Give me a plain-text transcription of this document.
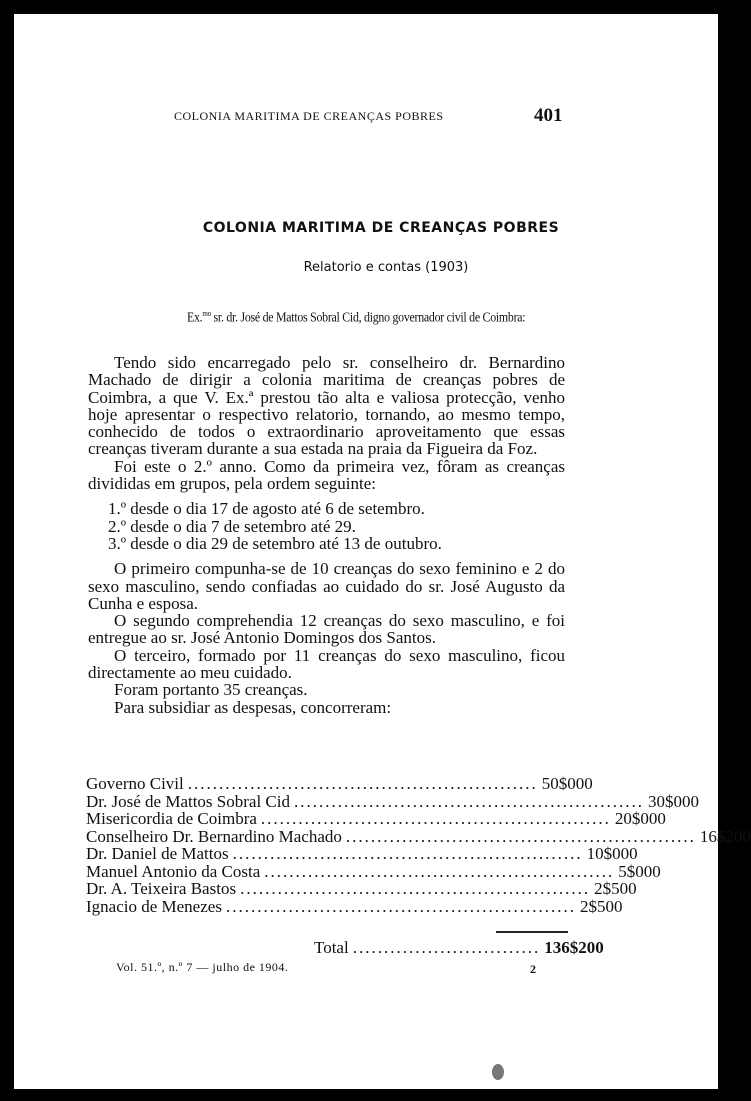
COLONIA MARITIMA DE CREANÇAS POBRES	401
COLONIA MARITIMA DE CREANÇAS POBRES
Relatorio e contas (1903)
Ex.$^{mo}$ sr. dr. José de Mattos Sobral Cid, digno governador civil de Coimbra:

Tendo sido encarregado pelo sr. conselheiro dr. Bernardino Machado de dirigir a colonia maritima de creanças pobres de Coimbra, a que V. Ex.ª prestou tão alta e valiosa protecção, venho hoje apresentar o respectivo relatorio, tornando, ao mesmo tempo, conhecido de todos o extraordinario aproveitamento que essas creanças tiveram durante a sua estada na praia da Figueira da Foz.

Foi este o 2.º anno. Como da primeira vez, fôram as creanças divididas em grupos, pela ordem seguinte:

1.º desde o dia 17 de agosto até 6 de setembro.
2.º desde o dia 7 de setembro até 29.
3.º desde o dia 29 de setembro até 13 de outubro.

O primeiro compunha-se de 10 creanças do sexo feminino e 2 do sexo masculino, sendo confiadas ao cuidado do sr. José Augusto da Cunha e esposa.

O segundo comprehendia 12 creanças do sexo masculino, e foi entregue ao sr. José Antonio Domingos dos Santos.

O terceiro, formado por 11 creanças do sexo masculino, ficou directamente ao meu cuidado.

Foram portanto 35 creanças.

Para subsidiar as despesas, concorreram:

Governo Civil ........................................................ 50$000
Dr. José de Mattos Sobral Cid ........................................................ 30$000
Misericordia de Coimbra ........................................................ 20$000
Conselheiro Dr. Bernardino Machado ........................................................ 16$200
Dr. Daniel de Mattos ........................................................ 10$000
Manuel Antonio da Costa ........................................................ 5$000
Dr. A. Teixeira Bastos ........................................................ 2$500
Ignacio de Menezes ........................................................ 2$500
Total .............................. 136$200
Vol. 51.º, n.º 7 — julho de 1904.	2
